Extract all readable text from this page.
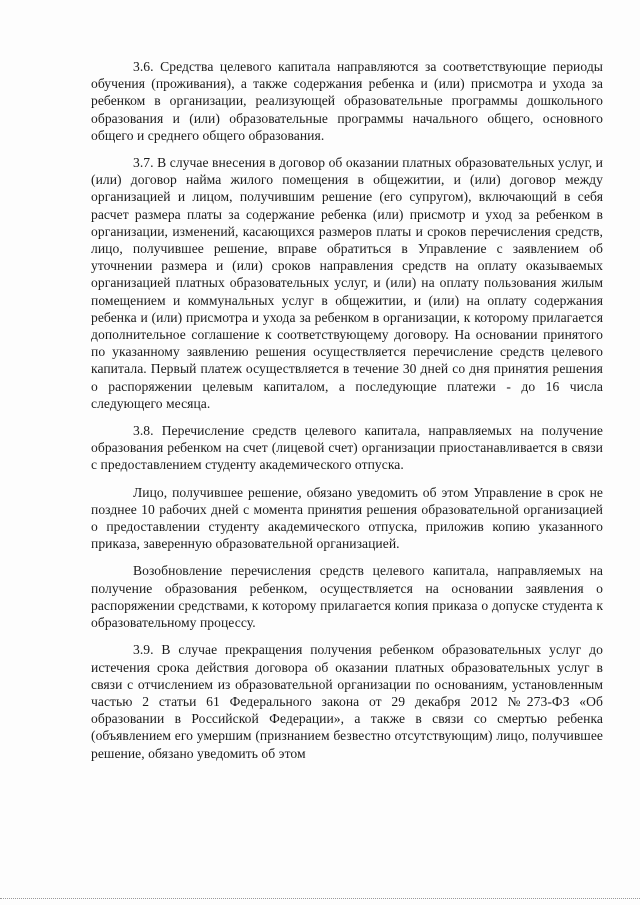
3.6. Средства целевого капитала направляются за соответствующие периоды обучения (проживания), а также содержания ребенка и (или) присмотра и ухода за ребенком в организации, реализующей образовательные программы дошкольного образования и (или) образовательные программы начального общего, основного общего и среднего общего образования.

3.7. В случае внесения в договор об оказании платных образовательных услуг, и (или) договор найма жилого помещения в общежитии, и (или) договор между организацией и лицом, получившим решение (его супругом), включающий в себя расчет размера платы за содержание ребенка (или) присмотр и уход за ребенком в организации, изменений, касающихся размеров платы и сроков перечисления средств, лицо, получившее решение, вправе обратиться в Управление с заявлением об уточнении размера и (или) сроков направления средств на оплату оказываемых организацией платных образовательных услуг, и (или) на оплату пользования жилым помещением и коммунальных услуг в общежитии, и (или) на оплату содержания ребенка и (или) присмотра и ухода за ребенком в организации, к которому прилагается дополнительное соглашение к соответствующему договору. На основании принятого по указанному заявлению решения осуществляется перечисление средств целевого капитала. Первый платеж осуществляется в течение 30 дней со дня принятия решения о распоряжении целевым капиталом, а последующие платежи - до 16 числа следующего месяца.

3.8. Перечисление средств целевого капитала, направляемых на получение образования ребенком на счет (лицевой счет) организации приостанавливается в связи с предоставлением студенту академического отпуска.

Лицо, получившее решение, обязано уведомить об этом Управление в срок не позднее 10 рабочих дней с момента принятия решения образовательной организацией о предоставлении студенту академического отпуска, приложив копию указанного приказа, заверенную образовательной организацией.

Возобновление перечисления средств целевого капитала, направляемых на получение образования ребенком, осуществляется на основании заявления о распоряжении средствами, к которому прилагается копия приказа о допуске студента к образовательному процессу.

3.9. В случае прекращения получения ребенком образовательных услуг до истечения срока действия договора об оказании платных образовательных услуг в связи с отчислением из образовательной организации по основаниям, установленным частью 2 статьи 61 Федерального закона от 29 декабря 2012 №273-ФЗ «Об образовании в Российской Федерации», а также в связи со смертью ребенка (объявлением его умершим (признанием безвестно отсутствующим) лицо, получившее решение, обязано уведомить об этом
